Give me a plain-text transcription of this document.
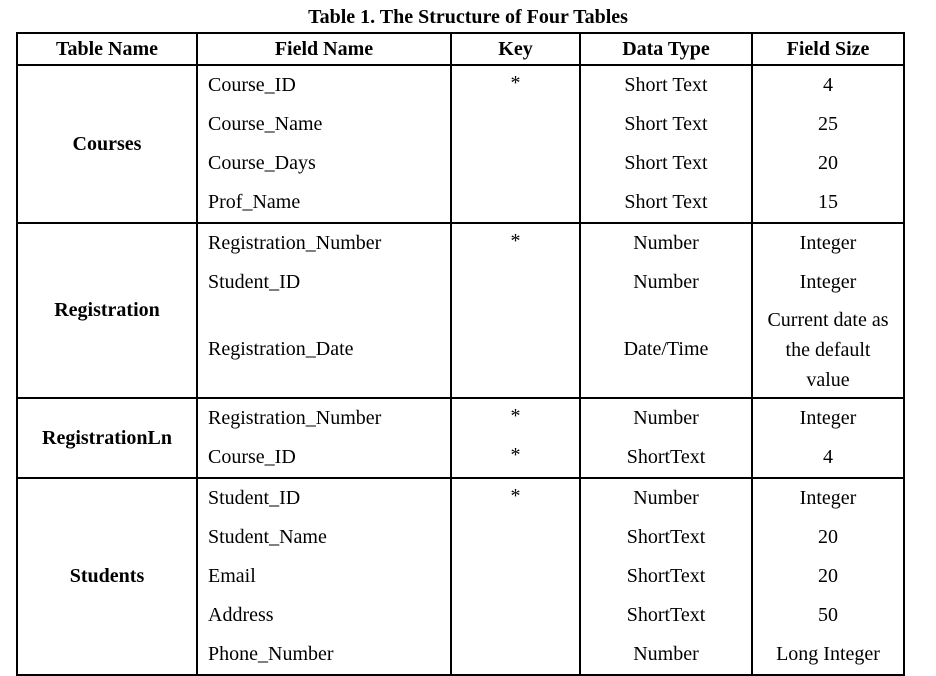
Table 1. The Structure of Four Tables
Table Name	Field Name	Key	Data Type	Field Size
Courses	Course_ID	*	Short Text	4
	Course_Name		Short Text	25
	Course_Days		Short Text	20
	Prof_Name		Short Text	15
Registration	Registration_Number	*	Number	Integer
	Student_ID		Number	Integer
	Registration_Date		Date/Time	Current date as
the default
value

RegistrationLn	Registration_Number	*	Number	Integer
	Course_ID	*	ShortText	4
Students	Student_ID	*	Number	Integer
	Student_Name		ShortText	20
	Email		ShortText	20
	Address		ShortText	50
	Phone_Number		Number	Long Integer
